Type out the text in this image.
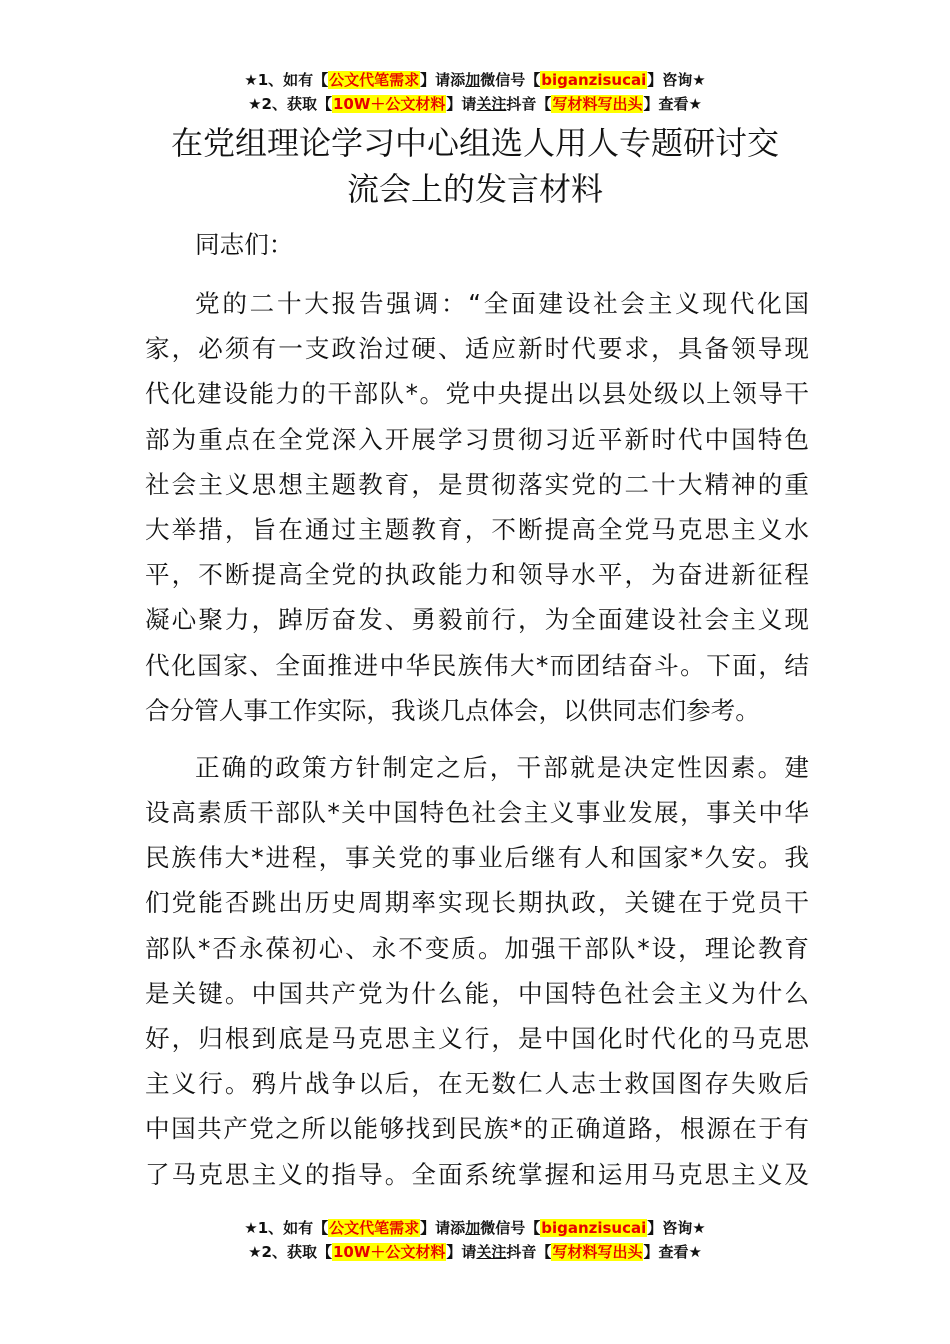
★1、如有【公文代笔需求】请添加微信号【biganzisucai】咨询★
★2、获取【10W＋公文材料】请关注抖音【写材料写出头】查看★
在党组理论学习中心组选人用人专题研讨交
流会上的发言材料

同志们：

党的二十大报告强调：“全面建设社会主义现代化国
家，必须有一支政治过硬、适应新时代要求，具备领导现
代化建设能力的干部队*。党中央提出以县处级以上领导干
部为重点在全党深入开展学习贯彻习近平新时代中国特色
社会主义思想主题教育，是贯彻落实党的二十大精神的重
大举措，旨在通过主题教育，不断提高全党马克思主义水
平，不断提高全党的执政能力和领导水平，为奋进新征程
凝心聚力，踔厉奋发、勇毅前行，为全面建设社会主义现
代化国家、全面推进中华民族伟大*而团结奋斗。下面，结
合分管人事工作实际，我谈几点体会，以供同志们参考。
正确的政策方针制定之后，干部就是决定性因素。建
设高素质干部队*关中国特色社会主义事业发展，事关中华
民族伟大*进程，事关党的事业后继有人和国家*久安。我
们党能否跳出历史周期率实现长期执政，关键在于党员干
部队*否永葆初心、永不变质。加强干部队*设，理论教育
是关键。中国共产党为什么能，中国特色社会主义为什么
好，归根到底是马克思主义行，是中国化时代化的马克思
主义行。鸦片战争以后，在无数仁人志士救国图存失败后
中国共产党之所以能够找到民族*的正确道路，根源在于有
了马克思主义的指导。全面系统掌握和运用马克思主义及
★1、如有【公文代笔需求】请添加微信号【biganzisucai】咨询★
★2、获取【10W＋公文材料】请关注抖音【写材料写出头】查看★
